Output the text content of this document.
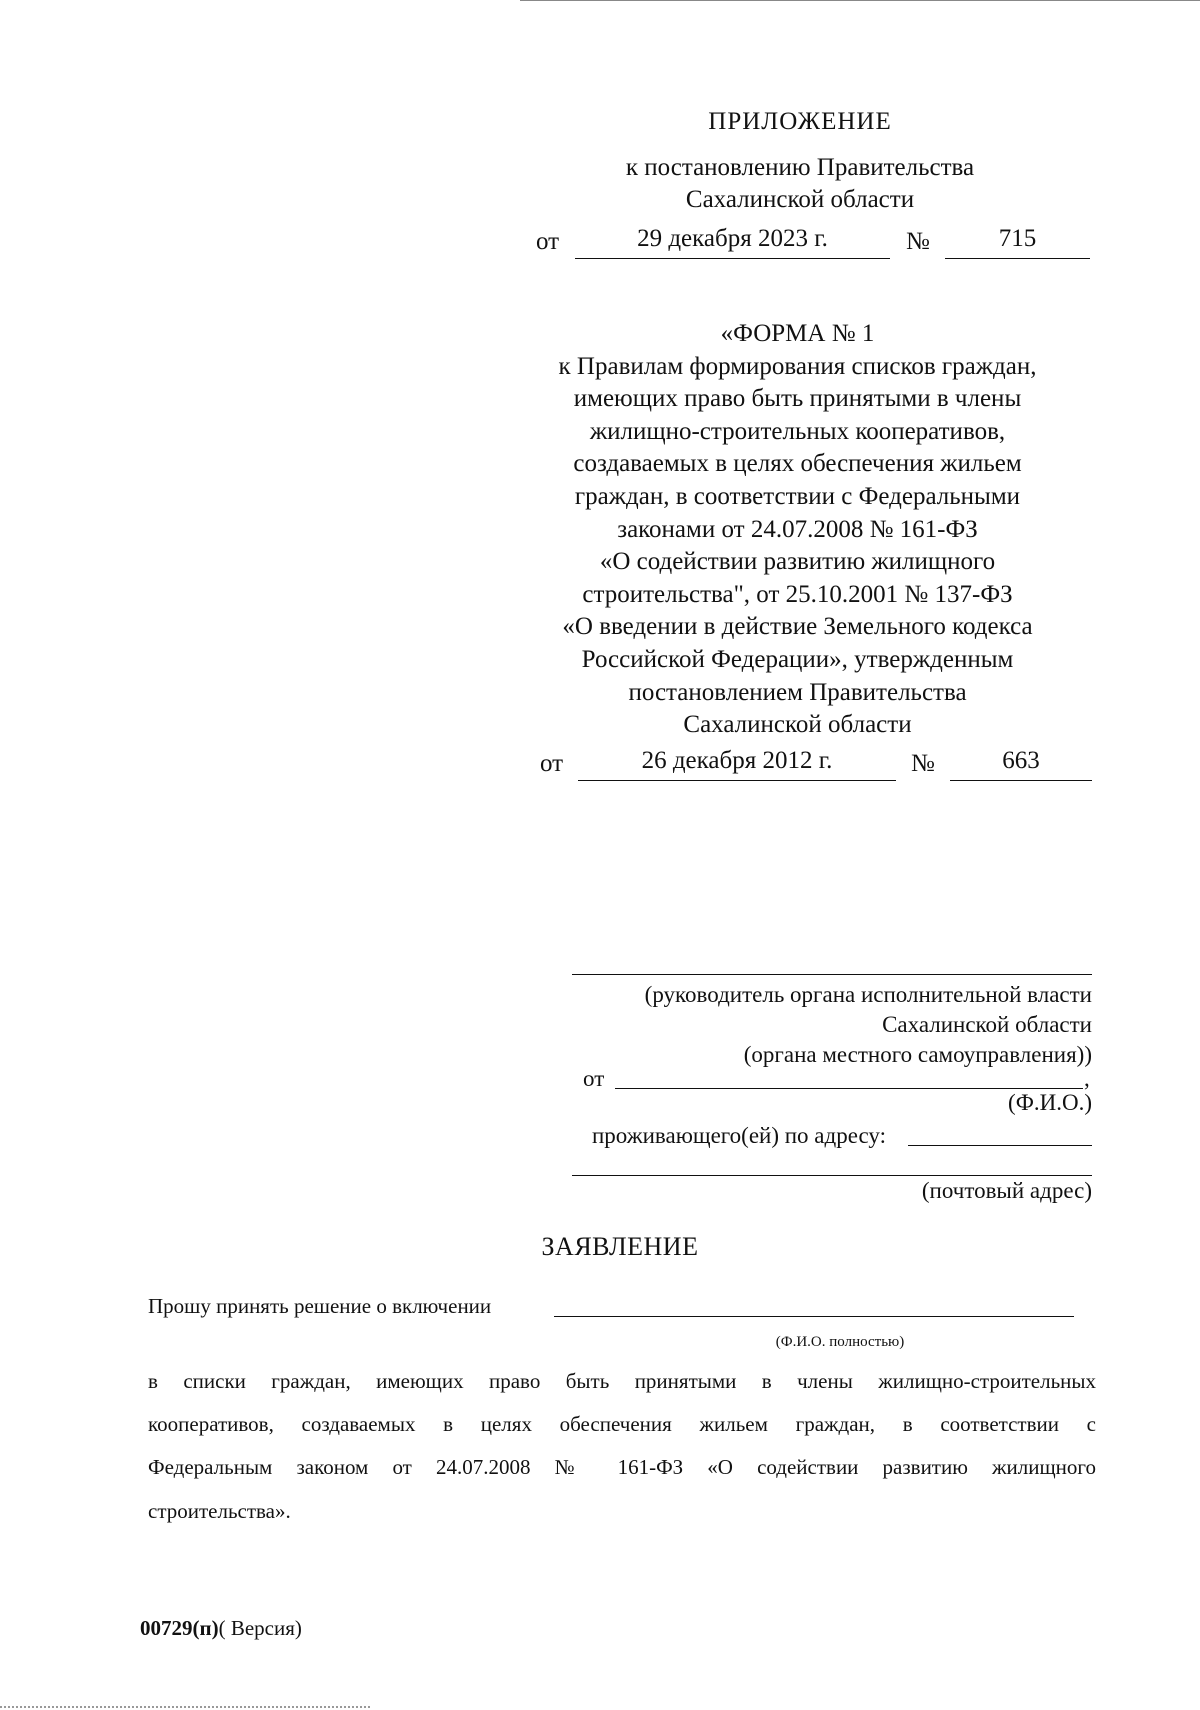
ПРИЛОЖЕНИЕ
к постановлению Правительства
Сахалинской области
от	29 декабря 2023 г.	№	715
«ФОРМА № 1
к Правилам формирования списков граждан,
имеющих право быть принятыми в члены
жилищно-строительных кооперативов,
создаваемых в целях обеспечения жильем
граждан, в соответствии с Федеральными
законами от 24.07.2008 № 161-ФЗ
«О содействии развитию жилищного
строительства", от 25.10.2001 № 137-ФЗ
«О введении в действие Земельного кодекса
Российской Федерации», утвержденным
постановлением Правительства
Сахалинской области
от	26 декабря 2012 г.	№	663
(руководитель органа исполнительной власти
Сахалинской области
(органа местного самоуправления))
от	,
(Ф.И.О.)
проживающего(ей) по адресу:
(почтовый адрес)
ЗАЯВЛЕНИЕ
Прошу принять решение о включении
(Ф.И.О. полностью)
в списки граждан, имеющих право быть принятыми в члены жилищно-строительных
кооперативов, создаваемых в целях обеспечения жильем граждан, в соответствии с
Федеральным законом от 24.07.2008 № 161-ФЗ «О содействии развитию жилищного
строительства».
00729(п)( Версия)
